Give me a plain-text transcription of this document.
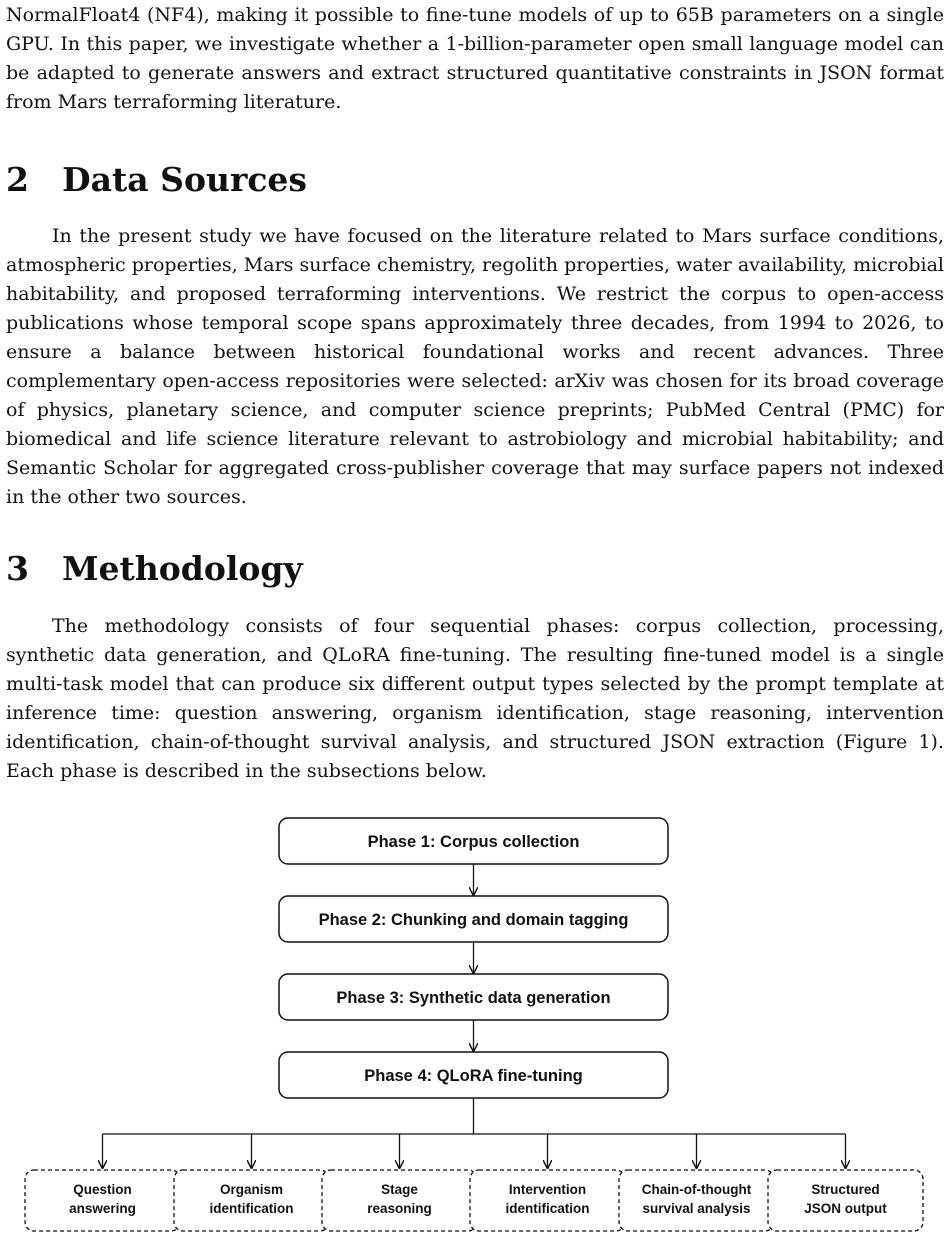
NormalFloat4 (NF4), making it possible to fine-tune models of up to 65B parameters on a single GPU. In this paper, we investigate whether a 1-billion-parameter open small language model can be adapted to generate answers and extract structured quantitative constraints in JSON format from Mars terraforming literature.

2 Data Sources

In the present study we have focused on the literature related to Mars surface conditions, atmospheric properties, Mars surface chemistry, regolith properties, water availability, microbial habitability, and proposed terraforming interventions. We restrict the corpus to open-access publications whose temporal scope spans approximately three decades, from 1994 to 2026, to ensure a balance between historical foundational works and recent advances. Three complementary open-access repositories were selected: arXiv was chosen for its broad coverage of physics, planetary science, and computer science preprints; PubMed Central (PMC) for biomedical and life science literature relevant to astrobiology and microbial habitability; and Semantic Scholar for aggregated cross-publisher coverage that may surface papers not indexed in the other two sources.

3 Methodology

The methodology consists of four sequential phases: corpus collection, processing, synthetic data generation, and QLoRA fine-tuning. The resulting fine-tuned model is a single multi-task model that can produce six different output types selected by the prompt template at inference time: question answering, organism identification, stage reasoning, intervention identification, chain-of-thought survival analysis, and structured JSON extraction (Figure 1). Each phase is described in the subsections below.

Phase 1: Corpus collection
Phase 2: Chunking and domain tagging
Phase 3: Synthetic data generation
Phase 4: QLoRA fine-tuning
Question
answering
Organism
identification
Stage
reasoning
Intervention
identification
Chain-of-thought
survival analysis
Structured
JSON output
